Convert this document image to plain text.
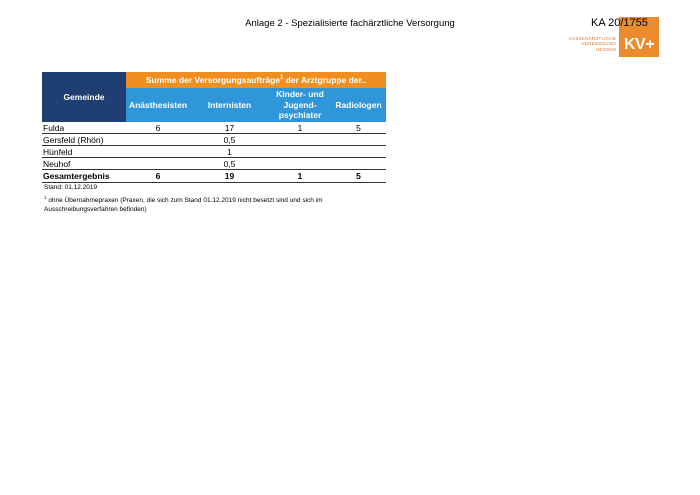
Anlage 2 - Spezialisierte fachärztliche Versorgung
KASSENÄRZTLICHE
VEREINIGUNG
HESSEN KV+
KA 20/1755
Gemeinde	Summe der Versorgungsaufträge$^1$ der Arztgruppe der..			
	Anästhesisten	Internisten	Kinder- und Jugend-psychiater	Radiologen
Fulda	6	17	1	5
Gersfeld (Rhön)		0,5		
Hünfeld		1		
Neuhof		0,5		
Gesamtergebnis	6	19	1	5
Stand: 01.12.2019
$^1$ ohne Übernahmepraxen (Praxen, die sich zum Stand 01.12.2019 nicht besetzt sind und sich im Ausschreibungsverfahren befinden)
